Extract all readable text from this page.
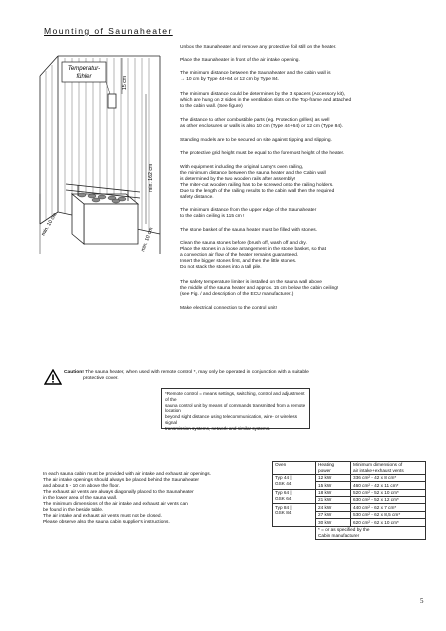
Mounting of Saunaheater
Temperatur-
fühler	15 cm
min. 162 cm
min. 10 cm
min. 10 cm

Unbox the Saunaheater and remove any protective foil still on the heater.

Place the Saunaheater in front of the air intake opening.

The minimum distance between the Saunaheater and the cabin wall is
→ 10 cm by Type 44+64 or 12 cm by Type 84.

The minimum distance could be determines by the 3 spacers (Accessory kit),
which are hung on 2 sides in the ventilation slots on the Top-frame and attached
to the cabin wall. (See figure)

The distance to other combustible parts (eg. Protection grilles) as well
as other enclosures or walls is also 10 cm (Type 44+64) or 12 cm (Type 84).

Standing models are to be secured on site against tipping and slipping.

The protective grid height must be equal to the foremost height of the heater.

With equipment including the original Lamy's oven railing,
the minimum distance between the sauna heater and the Cabin wall
is determined by the two wooden rails after assembly!
The miter-cut wooden railing has to be screwed onto the railing holders.
Due to the length of the railing results to the cabin wall then the required
safety distance.

The minimum distance from the upper edge of the Saunaheater
to the cabin ceiling is 115 cm !

The stone basket of the sauna heater must be filled with stones.

Clean the sauna stones before (brush off, wash off and dry.
Place the stones in a loose arrangement in the stone basket, so that
a convection air flow of the heater remains guaranteed.
Insert the bigger stones first, and then the little stones.
Do not stack the stones into a tall pile.

The safety temperature limiter is installed on the sauna wall above
the middle of the sauna heater and approx. 15 cm below the cabin ceiling!
(see Fig. / and description of the ECU manufacturer.)

Make electrical connection to the control unit!

Caution! The sauna heater, when used with remote control *, may only be operated in conjunction with a suitable
protective cover.

*Remote control = means settings, switching, control and adjustment of the
sauna control unit by means of commands transmitted from a remote location
beyond sight distance using telecommunication, wire- or wireless signal
transmission systems, network and similar systems.

In each sauna cabin must be provided with air intake and exhaust air openings.
The air intake openings should always be placed behind the Saunaheater
and about 5 - 10 cm above the floor.
The exhaust air vents are always diagonally placed to the Saunaheater
in the lower area of the sauna wall.
The minimum dimensions of the air intake and exhaust air vents can
be found in the beside table.
The air intake and exhaust air vents must not be closed.
Please observe also the sauna cabin supplier's instructions.

Oven	Heating
power	Minimum dimensions of
air intake+exhaust vents
Typ 44 |
GSK 44	12 kW	336 cm² - 42 x 8 cm*
	15 kW	460 cm² - 42 x 11 cm*
Typ 64 |
GSK 64	18 kW	520 cm² - 52 x 10 cm*
	21 kW	630 cm² - 52 x 12 cm*
Typ 84 |
GSK 84	24 kW	440 cm² - 62 x 7 cm*
	27 kW	530 cm² - 62 x 8,5 cm*
	30 kW	620 cm² - 62 x 10 cm*
	* = or as specified by the
Cabin manufacturer	
5
